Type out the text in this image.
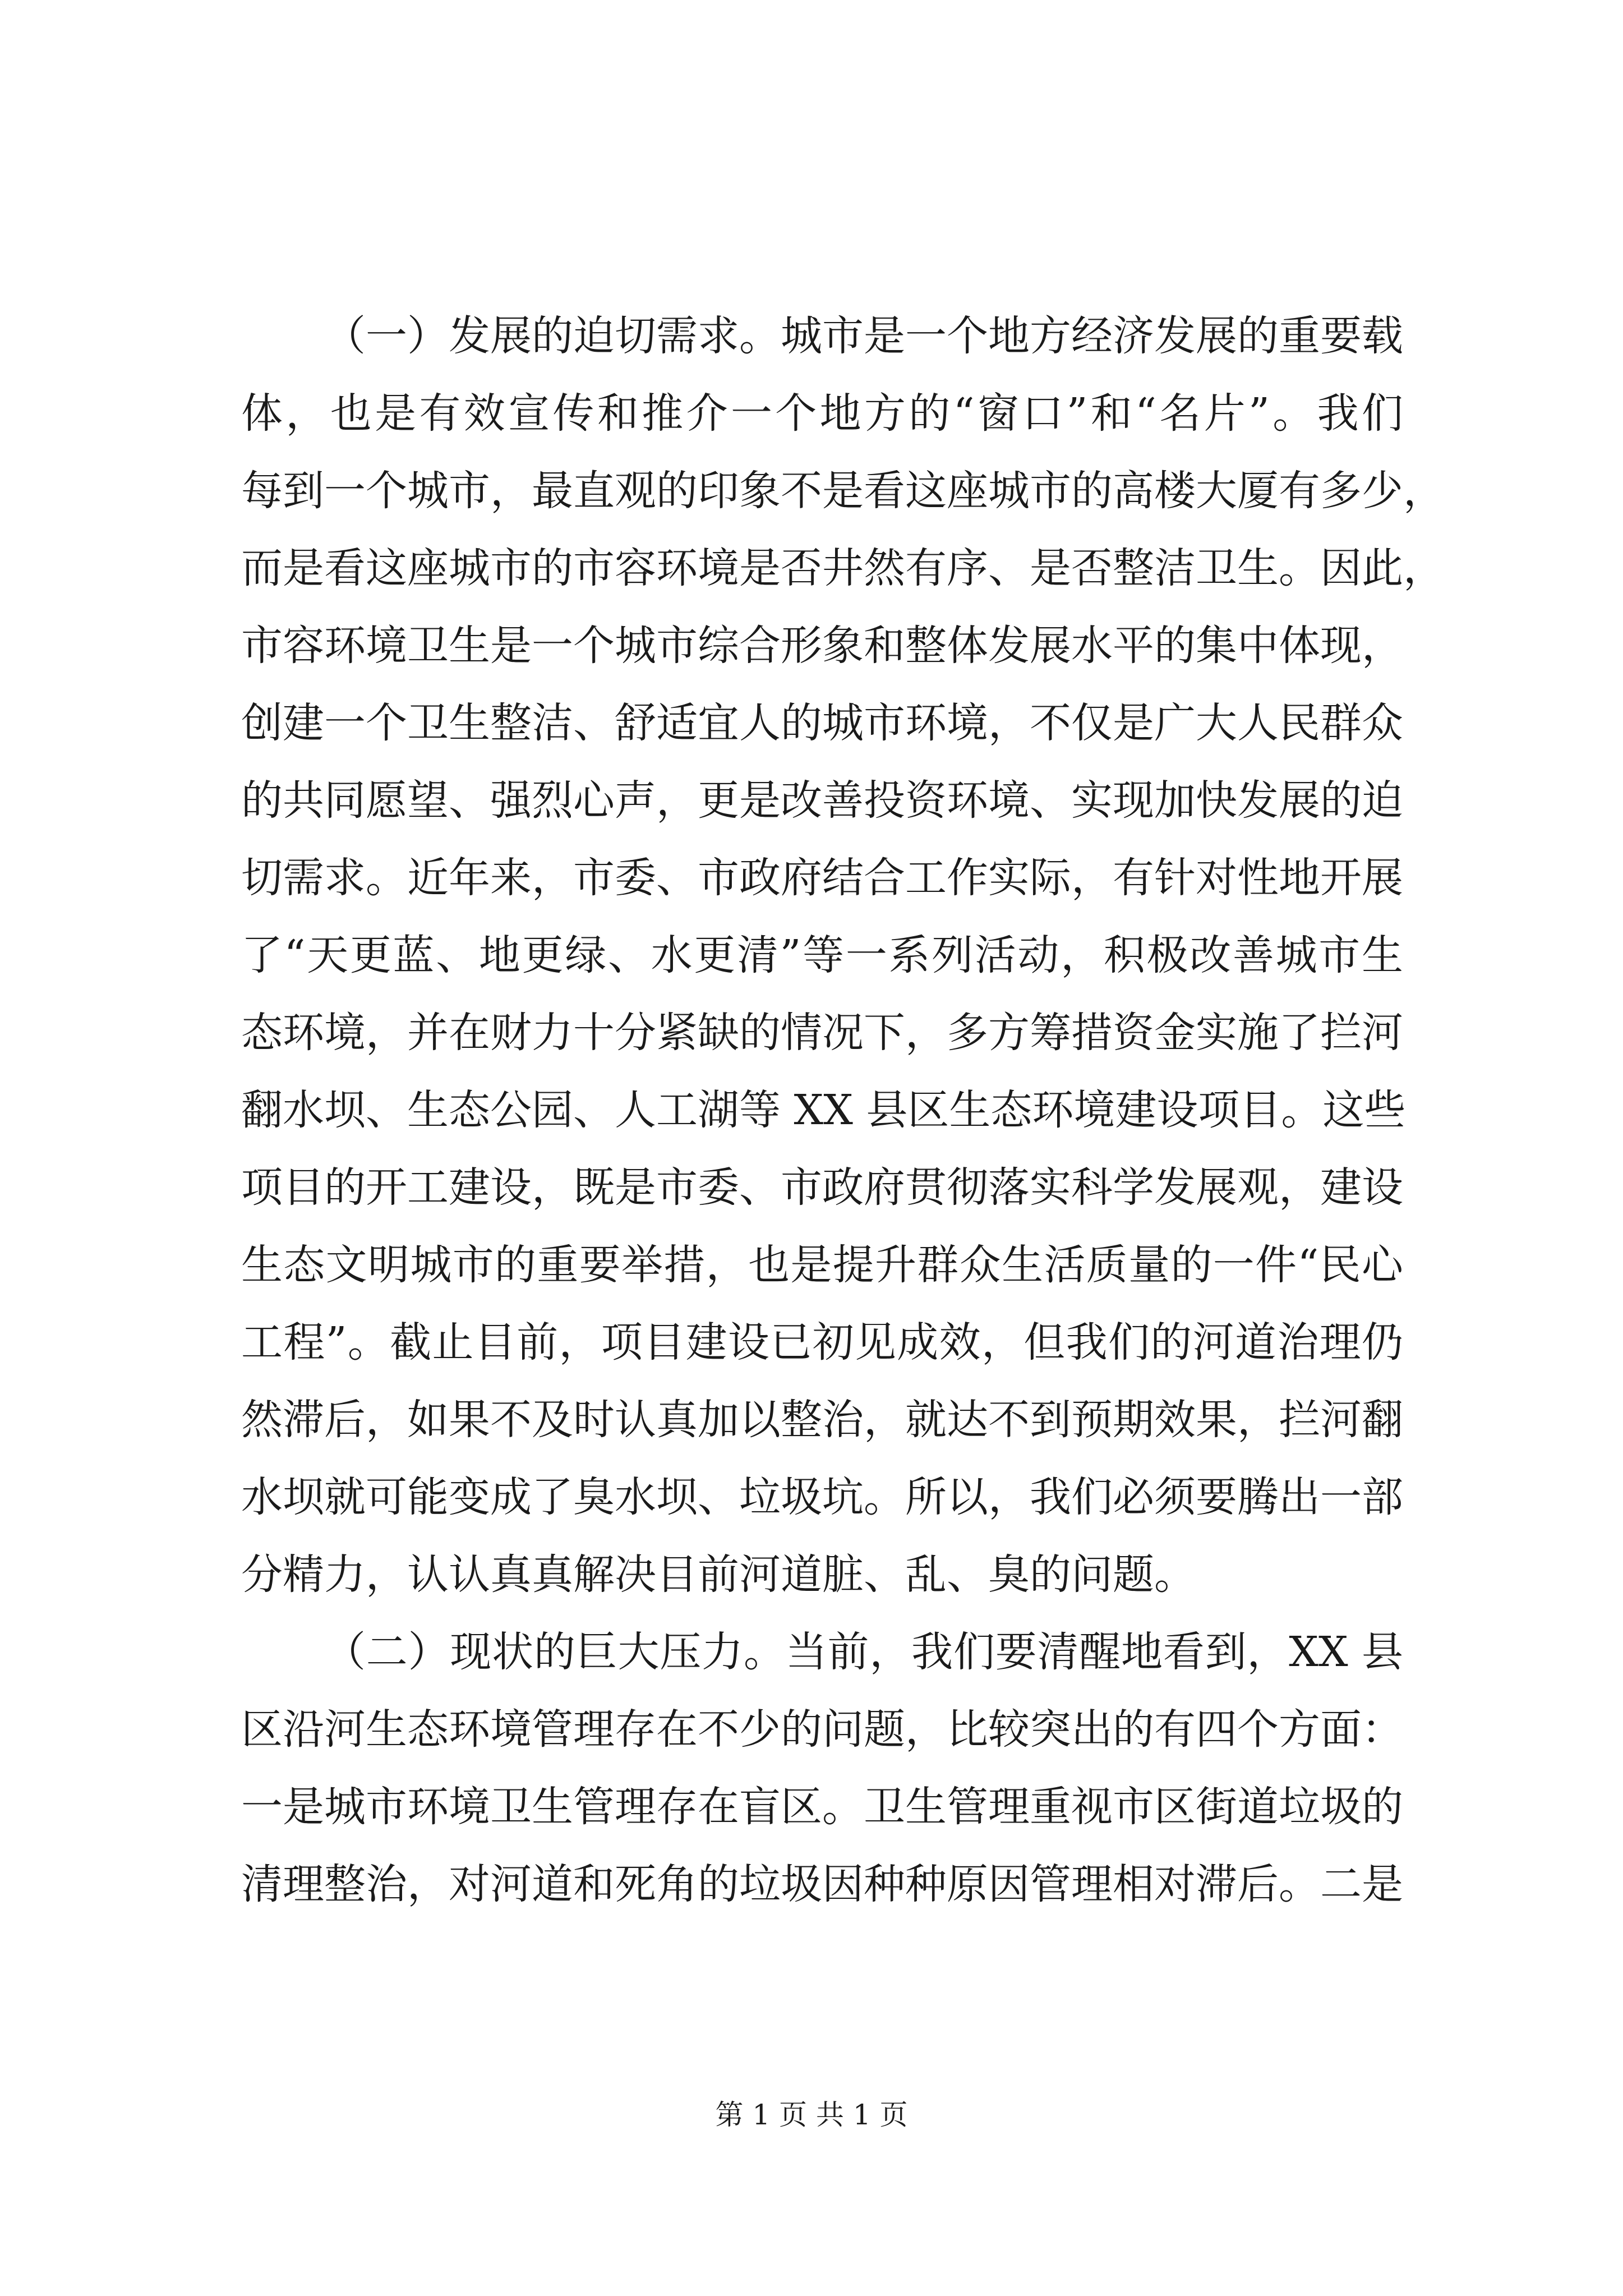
（一）发展的迫切需求。城市是一个地方经济发展的重要载
体，也是有效宣传和推介一个地方的“窗口”和“名片”。我们
每到一个城市，最直观的印象不是看这座城市的高楼大厦有多少，
而是看这座城市的市容环境是否井然有序、是否整洁卫生。因此，
市容环境卫生是一个城市综合形象和整体发展水平的集中体现，
创建一个卫生整洁、舒适宜人的城市环境，不仅是广大人民群众
的共同愿望、强烈心声，更是改善投资环境、实现加快发展的迫
切需求。近年来，市委、市政府结合工作实际，有针对性地开展
了“天更蓝、地更绿、水更清”等一系列活动，积极改善城市生
态环境，并在财力十分紧缺的情况下，多方筹措资金实施了拦河
翻水坝、生态公园、人工湖等 XX 县区生态环境建设项目。这些
项目的开工建设，既是市委、市政府贯彻落实科学发展观，建设
生态文明城市的重要举措，也是提升群众生活质量的一件“民心
工程”。截止目前，项目建设已初见成效，但我们的河道治理仍
然滞后，如果不及时认真加以整治，就达不到预期效果，拦河翻
水坝就可能变成了臭水坝、垃圾坑。所以，我们必须要腾出一部
分精力，认认真真解决目前河道脏、乱、臭的问题。
（二）现状的巨大压力。当前，我们要清醒地看到，XX 县
区沿河生态环境管理存在不少的问题，比较突出的有四个方面：
一是城市环境卫生管理存在盲区。卫生管理重视市区街道垃圾的
清理整治，对河道和死角的垃圾因种种原因管理相对滞后。二是
第 1 页 共 1 页
